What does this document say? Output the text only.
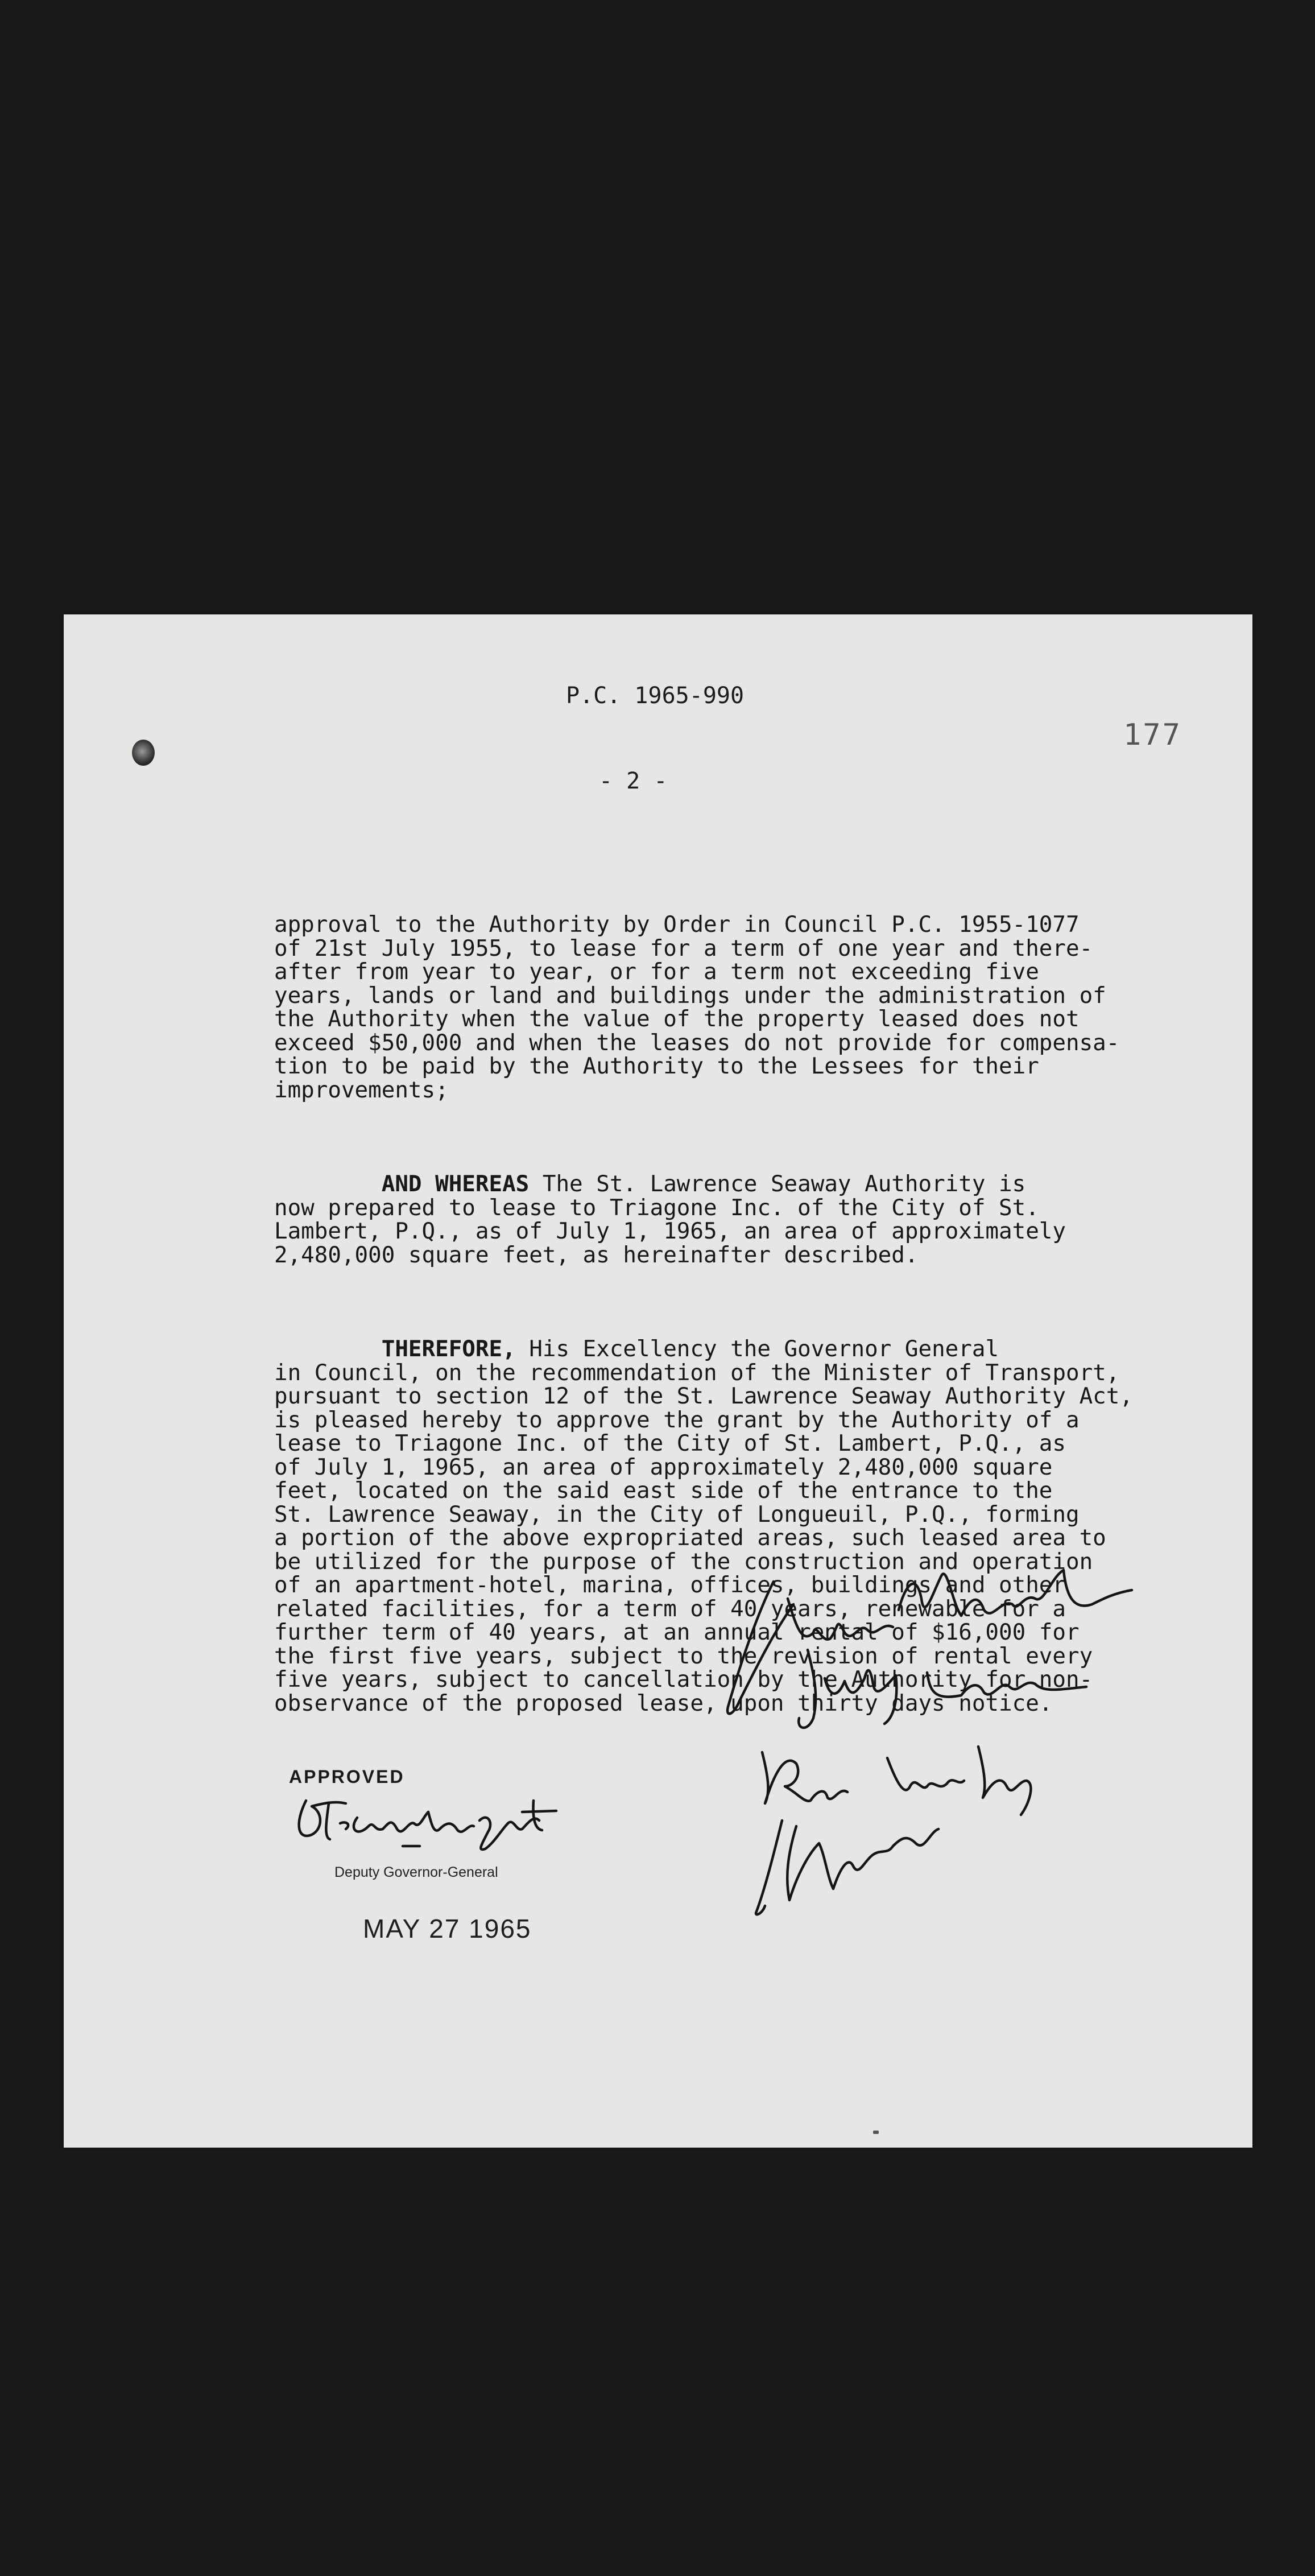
P.C. 1965-990
177
- 2 -

approval to the Authority by Order in Council P.C. 1955-1077
of 21st July 1955, to lease for a term of one year and there-
after from year to year, or for a term not exceeding five
years, lands or land and buildings under the administration of
the Authority when the value of the property leased does not
exceed $50,000 and when the leases do not provide for compensa-
tion to be paid by the Authority to the Lessees for their
improvements;

AND WHEREAS The St. Lawrence Seaway Authority is
now prepared to lease to Triagone Inc. of the City of St.
Lambert, P.Q., as of July 1, 1965, an area of approximately
2,480,000 square feet, as hereinafter described.

THEREFORE, His Excellency the Governor General
in Council, on the recommendation of the Minister of Transport,
pursuant to section 12 of the St. Lawrence Seaway Authority Act,
is pleased hereby to approve the grant by the Authority of a
lease to Triagone Inc. of the City of St. Lambert, P.Q., as
of July 1, 1965, an area of approximately 2,480,000 square
feet, located on the said east side of the entrance to the
St. Lawrence Seaway, in the City of Longueuil, P.Q., forming
a portion of the above expropriated areas, such leased area to
be utilized for the purpose of the construction and operation
of an apartment-hotel, marina, offices, buildings and other
related facilities, for a term of 40 years, renewable for a
further term of 40 years, at an annual rental of $16,000 for
the first five years, subject to the revision of rental every
five years, subject to cancellation by the Authority for non-
observance of the proposed lease, upon thirty days notice.

APPROVED
Deputy Governor-General
MAY 27 1965
